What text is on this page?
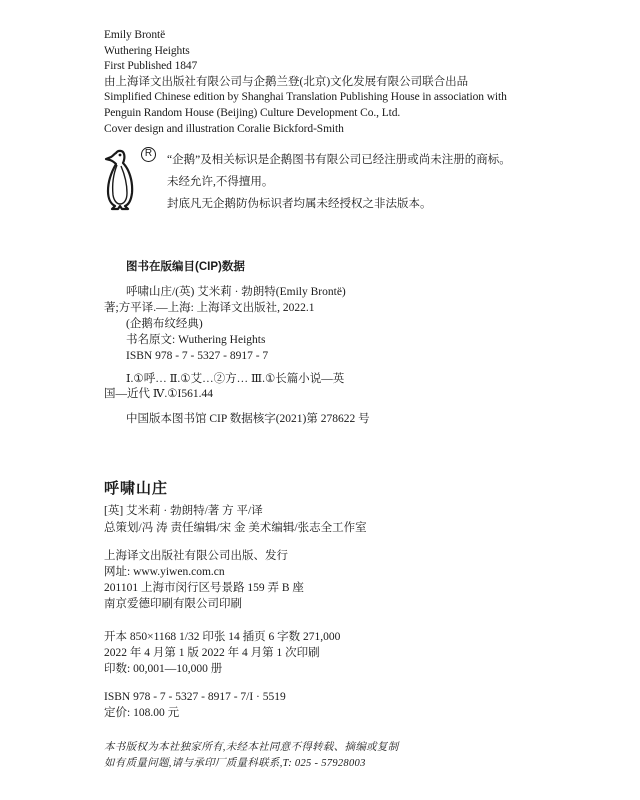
Emily Brontë
Wuthering Heights
First Published 1847
由上海译文出版社有限公司与企鹅兰登(北京)文化发展有限公司联合出品
Simplified Chinese edition by Shanghai Translation Publishing House in association with
Penguin Random House (Beijing) Culture Development Co., Ltd.
Cover design and illustration Coralie Bickford-Smith
R
“企鹅”及相关标识是企鹅图书有限公司已经注册或尚未注册的商标。
未经允许,不得擅用。
封底凡无企鹅防伪标识者均属未经授权之非法版本。
图书在版编目(CIP)数据
呼啸山庄/(英) 艾米莉 · 勃朗特(Emily Brontë)
著;方平译.—上海: 上海译文出版社, 2022.1
(企鹅布纹经典)
书名原文: Wuthering Heights
ISBN 978 - 7 - 5327 - 8917 - 7
Ⅰ.①呼… Ⅱ.①艾…②方… Ⅲ.①长篇小说—英
国—近代 Ⅳ.①I561.44
中国版本图书馆 CIP 数据核字(2021)第 278622 号
呼啸山庄
[英] 艾米莉 · 勃朗特/著 方 平/译
总策划/冯 涛 责任编辑/宋 金 美术编辑/张志全工作室
上海译文出版社有限公司出版、发行
网址: www.yiwen.com.cn
201101 上海市闵行区号景路 159 弄 B 座
南京爱德印刷有限公司印刷
开本 850×1168 1/32 印张 14 插页 6 字数 271,000
2022 年 4 月第 1 版 2022 年 4 月第 1 次印刷
印数: 00,001—10,000 册
ISBN 978 - 7 - 5327 - 8917 - 7/I · 5519
定价: 108.00 元
本书版权为本社独家所有,未经本社同意不得转载、摘编或复制
如有质量问题,请与承印厂质量科联系,T: 025 - 57928003
